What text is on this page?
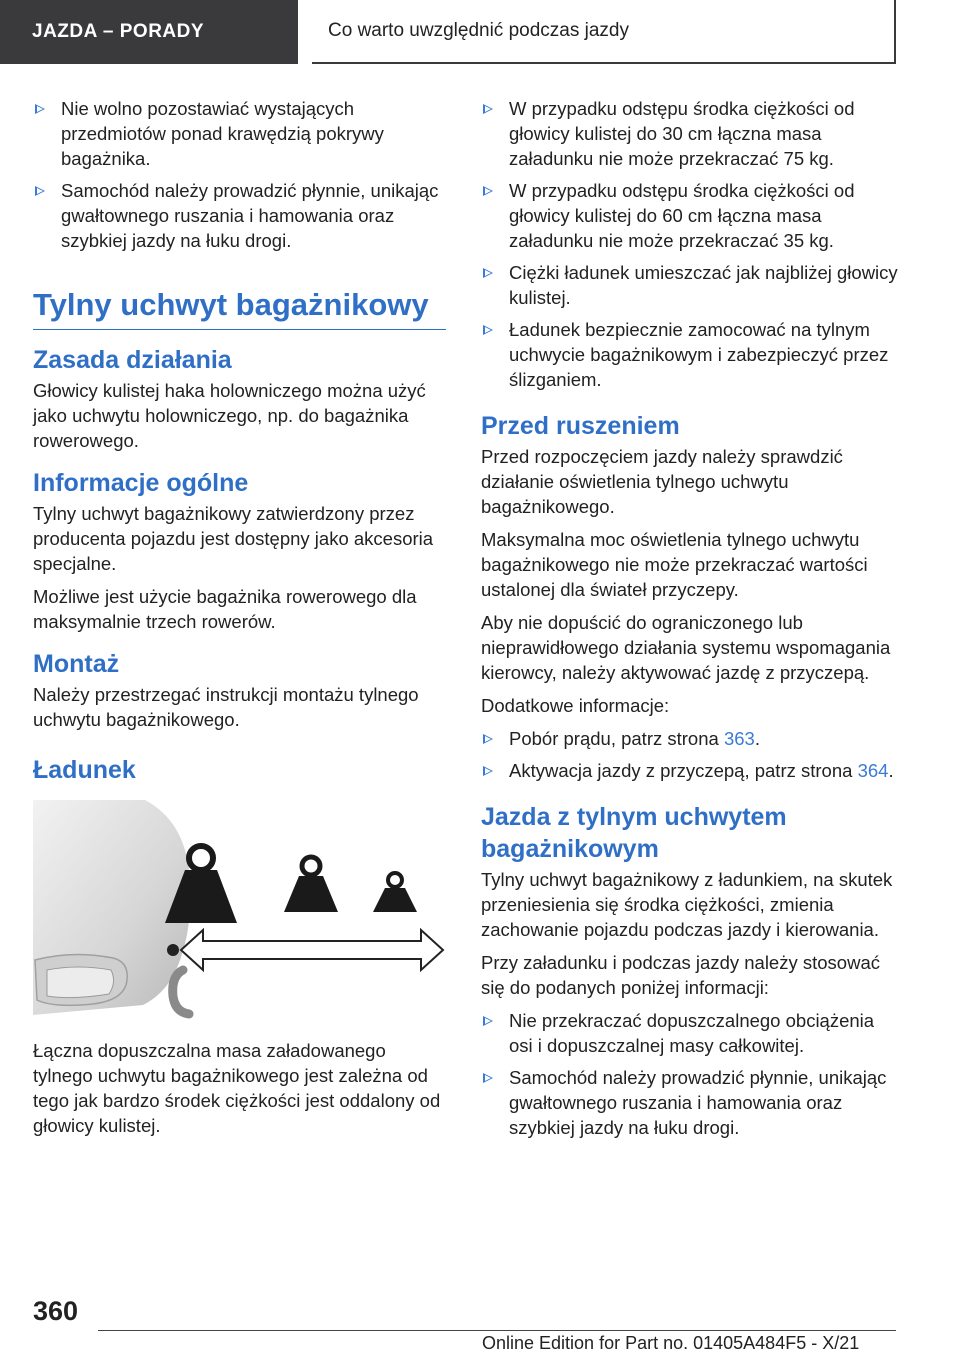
JAZDA – PORADY	Co warto uwzględnić podczas jazdy
Nie wolno pozostawiać wystających przedmiotów ponad krawędzią pokrywy bagażnika.
Samochód należy prowadzić płynnie, unikając gwałtownego ruszania i hamowania oraz szybkiej jazdy na łuku drogi.
Tylny uchwyt bagażnikowy
Zasada działania

Głowicy kulistej haka holowniczego można użyć jako uchwytu holowniczego, np. do bagażnika rowerowego.

Informacje ogólne

Tylny uchwyt bagażnikowy zatwierdzony przez producenta pojazdu jest dostępny jako akcesoria specjalne.

Możliwe jest użycie bagażnika rowerowego dla maksymalnie trzech rowerów.

Montaż

Należy przestrzegać instrukcji montażu tylnego uchwytu bagażnikowego.

Ładunek

Łączna dopuszczalna masa załadowanego tylnego uchwytu bagażnikowego jest zależna od tego jak bardzo środek ciężkości jest oddalony od głowicy kulistej.

W przypadku odstępu środka ciężkości od głowicy kulistej do 30 cm łączna masa załadunku nie może przekraczać 75 kg.
W przypadku odstępu środka ciężkości od głowicy kulistej do 60 cm łączna masa załadunku nie może przekraczać 35 kg.
Ciężki ładunek umieszczać jak najbliżej głowicy kulistej.
Ładunek bezpiecznie zamocować na tylnym uchwycie bagażnikowym i zabezpieczyć przez ślizganiem.
Przed ruszeniem

Przed rozpoczęciem jazdy należy sprawdzić działanie oświetlenia tylnego uchwytu bagażnikowego.

Maksymalna moc oświetlenia tylnego uchwytu bagażnikowego nie może przekraczać wartości ustalonej dla świateł przyczepy.

Aby nie dopuścić do ograniczonego lub nieprawidłowego działania systemu wspomagania kierowcy, należy aktywować jazdę z przyczepą.

Dodatkowe informacje:

Pobór prądu, patrz strona 363.
Aktywacja jazdy z przyczepą, patrz strona 364.
Jazda z tylnym uchwytem bagażnikowym

Tylny uchwyt bagażnikowy z ładunkiem, na skutek przeniesienia się środka ciężkości, zmienia zachowanie pojazdu podczas jazdy i kierowania.

Przy załadunku i podczas jazdy należy stosować się do podanych poniżej informacji:

Nie przekraczać dopuszczalnego obciążenia osi i dopuszczalnej masy całkowitej.
Samochód należy prowadzić płynnie, unikając gwałtownego ruszania i hamowania oraz szybkiej jazdy na łuku drogi.
360
Online Edition for Part no. 01405A484F5 - X/21
